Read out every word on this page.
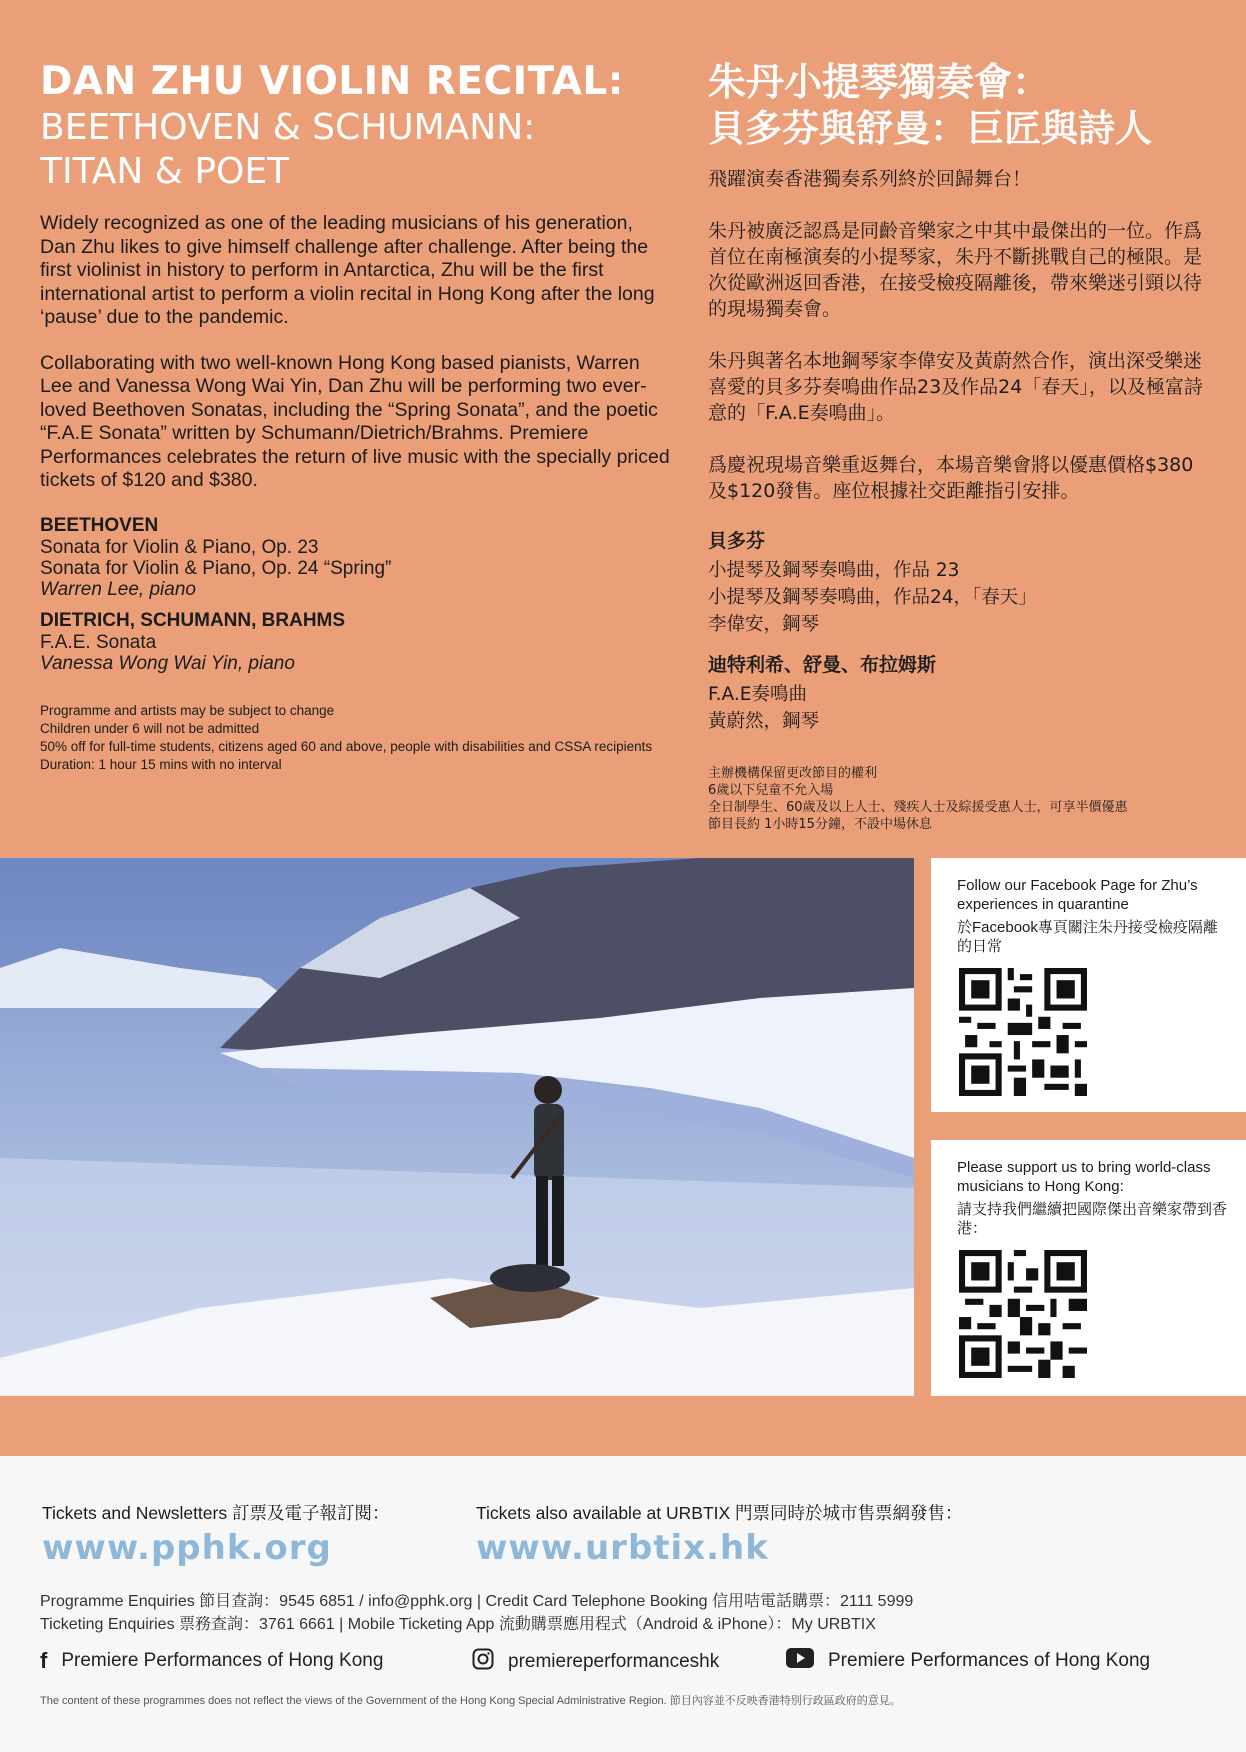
DAN ZHU VIOLIN RECITAL:
BEETHOVEN & SCHUMANN:
TITAN & POET

Widely recognized as one of the leading musicians of his generation, Dan Zhu likes to give himself challenge after challenge. After being the first violinist in history to perform in Antarctica, Zhu will be the first international artist to perform a violin recital in Hong Kong after the long ‘pause’ due to the pandemic.

Collaborating with two well-known Hong Kong based pianists, Warren Lee and Vanessa Wong Wai Yin, Dan Zhu will be performing two ever-loved Beethoven Sonatas, including the “Spring Sonata”, and the poetic “F.A.E Sonata” written by Schumann/Dietrich/Brahms. Premiere Performances celebrates the return of live music with the specially priced tickets of $120 and $380.

BEETHOVEN

Sonata for Violin & Piano, Op. 23

Sonata for Violin & Piano, Op. 24 “Spring”

Warren Lee, piano

DIETRICH, SCHUMANN, BRAHMS

F.A.E. Sonata

Vanessa Wong Wai Yin, piano

Programme and artists may be subject to change
Children under 6 will not be admitted
50% off for full-time students, citizens aged 60 and above, people with disabilities and CSSA recipients
Duration: 1 hour 15 mins with no interval
朱丹小提琴獨奏會：
貝多芬與舒曼：巨匠與詩人

飛躍演奏香港獨奏系列終於回歸舞台！

朱丹被廣泛認爲是同齡音樂家之中其中最傑出的一位。作爲首位在南極演奏的小提琴家，朱丹不斷挑戰自己的極限。是次從歐洲返回香港，在接受檢疫隔離後，帶來樂迷引頸以待的現場獨奏會。

朱丹與著名本地鋼琴家李偉安及黃蔚然合作，演出深受樂迷喜愛的貝多芬奏鳴曲作品23及作品24「春天」，以及極富詩意的「F.A.E奏鳴曲」。

爲慶祝現場音樂重返舞台，本場音樂會將以優惠價格$380及$120發售。座位根據社交距離指引安排。

貝多芬

小提琴及鋼琴奏鳴曲，作品 23

小提琴及鋼琴奏鳴曲，作品24，「春天」

李偉安，鋼琴

迪特利希、舒曼、布拉姆斯

F.A.E奏鳴曲

黃蔚然，鋼琴

主辦機構保留更改節目的權利
6歲以下兒童不允入場
全日制學生、60歲及以上人士、殘疾人士及綜援受惠人士，可享半價優惠
節目長約 1小時15分鐘，不設中場休息
Follow our Facebook Page for Zhu’s experiences in quarantine
於Facebook專頁關注朱丹接受檢疫隔離的日常
Please support us to bring world-class musicians to Hong Kong:
請支持我們繼續把國際傑出音樂家帶到香港：
Tickets and Newsletters 訂票及電子報訂閱：
www.pphk.org
Tickets also available at URBTIX 門票同時於城市售票網發售：
www.urbtix.hk
Programme Enquiries 節目查詢：9545 6851 / info@pphk.org | Credit Card Telephone Booking 信用咭電話購票：2111 5999
Ticketing Enquiries 票務查詢：3761 6661 | Mobile Ticketing App 流動購票應用程式（Android & iPhone）：My URBTIX
f Premiere Performances of Hong Kong	premiereperformanceshk	Premiere Performances of Hong Kong
The content of these programmes does not reflect the views of the Government of the Hong Kong Special Administrative Region. 節目內容並不反映香港特別行政區政府的意見。
